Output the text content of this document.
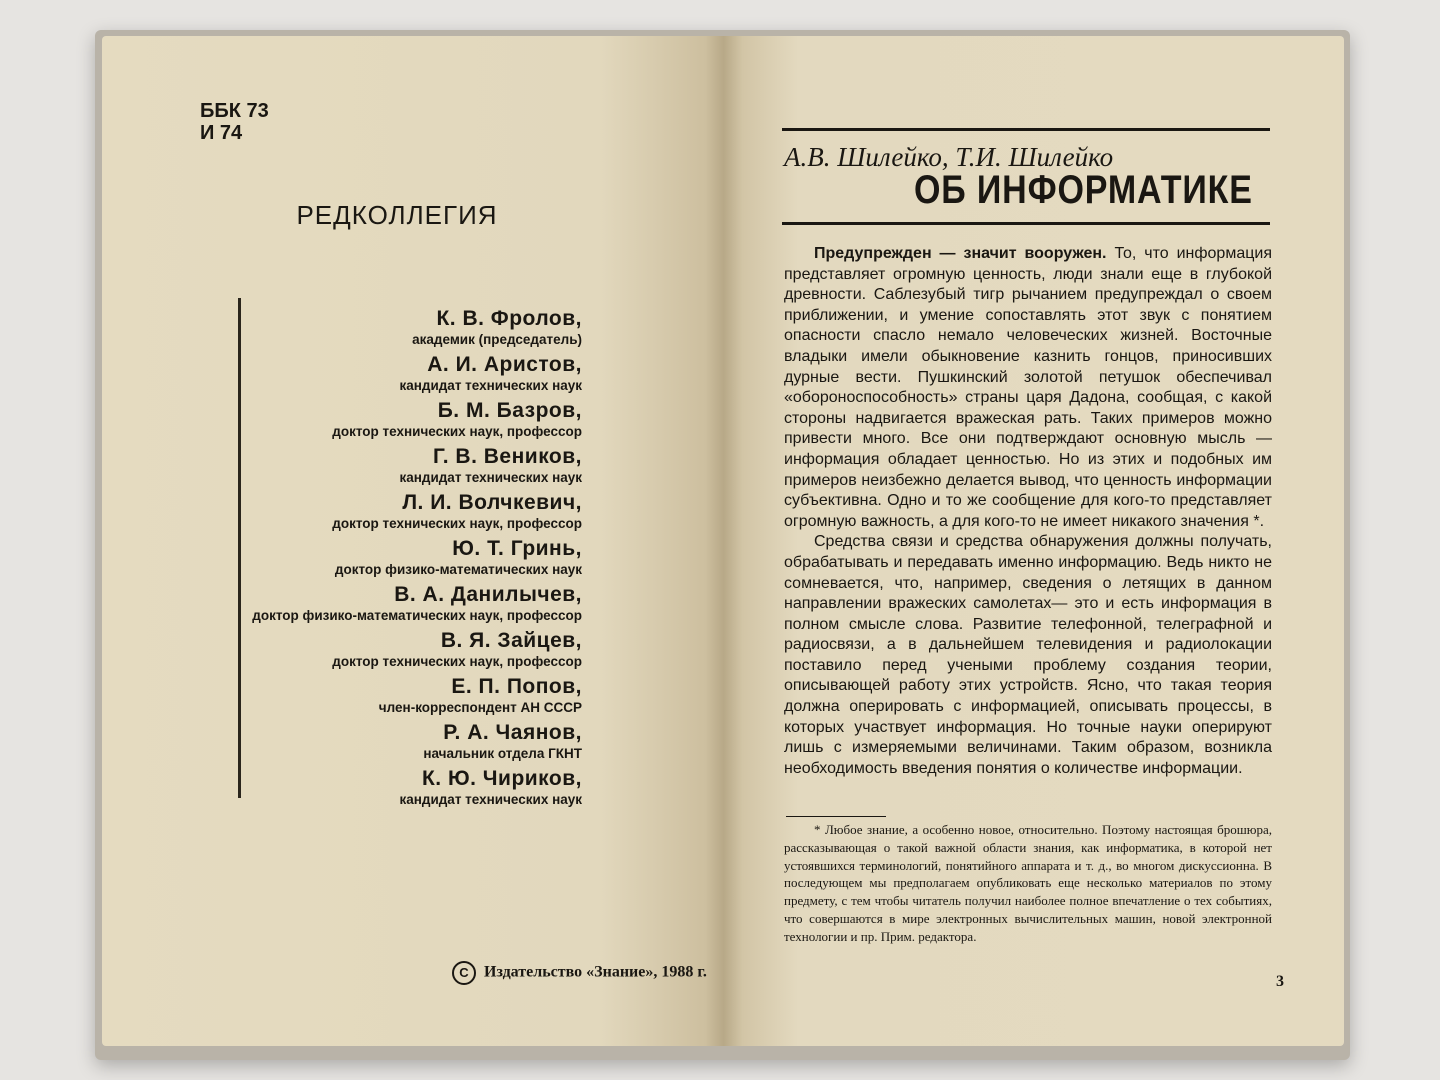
ББК 73
И 74
РЕДКОЛЛЕГИЯ
К. В. Фролов,
академик (председатель)
А. И. Аристов,
кандидат технических наук
Б. М. Базров,
доктор технических наук, профессор
Г. В. Веников,
кандидат технических наук
Л. И. Волчкевич,
доктор технических наук, профессор
Ю. Т. Гринь,
доктор физико-математических наук
В. А. Данилычев,
доктор физико-математических наук, профессор
В. Я. Зайцев,
доктор технических наук, профессор
Е. П. Попов,
член-корреспондент АН СССР
Р. А. Чаянов,
начальник отдела ГКНТ
К. Ю. Чириков,
кандидат технических наук
C Издательство «Знание», 1988 г.
А.В. Шилейко, Т.И. Шилейко
ОБ ИНФОРМАТИКЕ

Предупрежден — значит вооружен. То, что информация представляет огромную ценность, люди знали еще в глубокой древности. Саблезубый тигр рычанием предупреждал о своем приближении, и умение сопоставлять этот звук с понятием опасности спасло немало человеческих жизней. Восточные владыки имели обыкновение казнить гонцов, приносивших дурные вести. Пушкинский золотой петушок обеспечивал «обороноспособность» страны царя Дадона, сообщая, с какой стороны надвигается вражеская рать. Таких примеров можно привести много. Все они подтверждают основную мысль — информация обладает ценностью. Но из этих и подобных им примеров неизбежно делается вывод, что ценность информации субъективна. Одно и то же сообщение для кого-то представляет огромную важность, а для кого-то не имеет никакого значения *.

Средства связи и средства обнаружения должны получать, обрабатывать и передавать именно информацию. Ведь никто не сомневается, что, например, сведения о летящих в данном направлении вражеских самолетах— это и есть информация в полном смысле слова. Развитие телефонной, телеграфной и радиосвязи, а в дальнейшем телевидения и радиолокации поставило перед учеными проблему создания теории, описывающей работу этих устройств. Ясно, что такая теория должна оперировать с информацией, описывать процессы, в которых участвует информация. Но точные науки оперируют лишь с измеряемыми величинами. Таким образом, возникла необходимость введения понятия о количестве информации.

* Любое знание, а особенно новое, относительно. Поэтому настоящая брошюра, рассказывающая о такой важной области знания, как информатика, в которой нет устоявшихся терминологий, понятийного аппарата и т. д., во многом дискуссионна. В последующем мы предполагаем опубликовать еще несколько материалов по этому предмету, с тем чтобы читатель получил наиболее полное впечатление о тех событиях, что совершаются в мире электронных вычислительных машин, новой электронной технологии и пр. Прим. редактора.
3
